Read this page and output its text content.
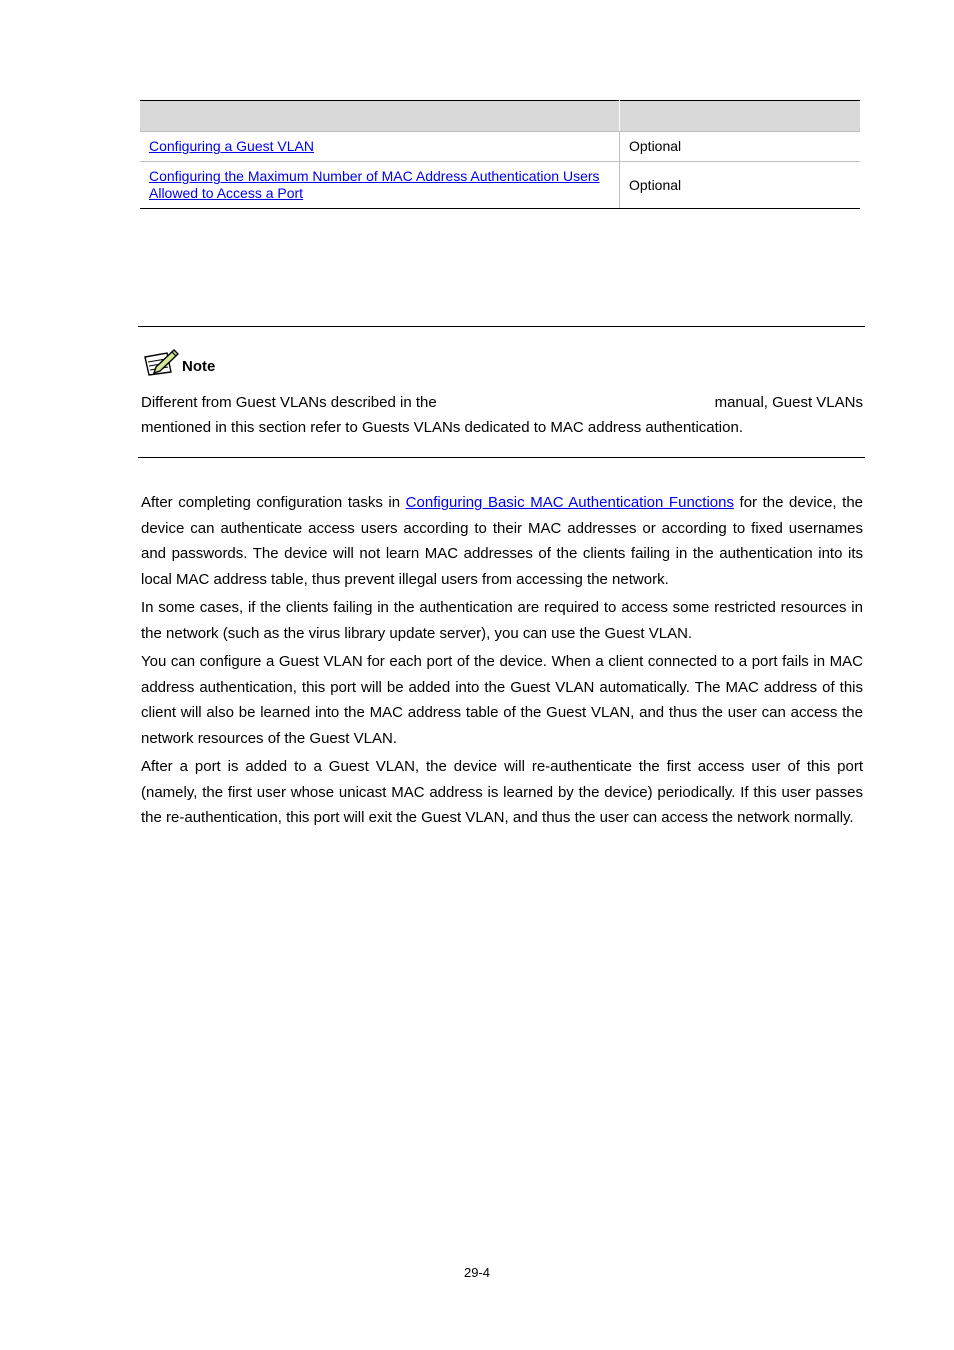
Configuring a Guest VLAN	Optional
Configuring the Maximum Number of MAC Address Authentication Users Allowed to Access a Port	Optional
Note
Different from Guest VLANs described in the	manual, Guest VLANs
mentioned in this section refer to Guests VLANs dedicated to MAC address authentication.

After completing configuration tasks in Configuring Basic MAC Authentication Functions for the device, the device can authenticate access users according to their MAC addresses or according to fixed usernames and passwords. The device will not learn MAC addresses of the clients failing in the authentication into its local MAC address table, thus prevent illegal users from accessing the network.

In some cases, if the clients failing in the authentication are required to access some restricted resources in the network (such as the virus library update server), you can use the Guest VLAN.

You can configure a Guest VLAN for each port of the device. When a client connected to a port fails in MAC address authentication, this port will be added into the Guest VLAN automatically. The MAC address of this client will also be learned into the MAC address table of the Guest VLAN, and thus the user can access the network resources of the Guest VLAN.

After a port is added to a Guest VLAN, the device will re-authenticate the first access user of this port (namely, the first user whose unicast MAC address is learned by the device) periodically. If this user passes the re-authentication, this port will exit the Guest VLAN, and thus the user can access the network normally.

29-4
